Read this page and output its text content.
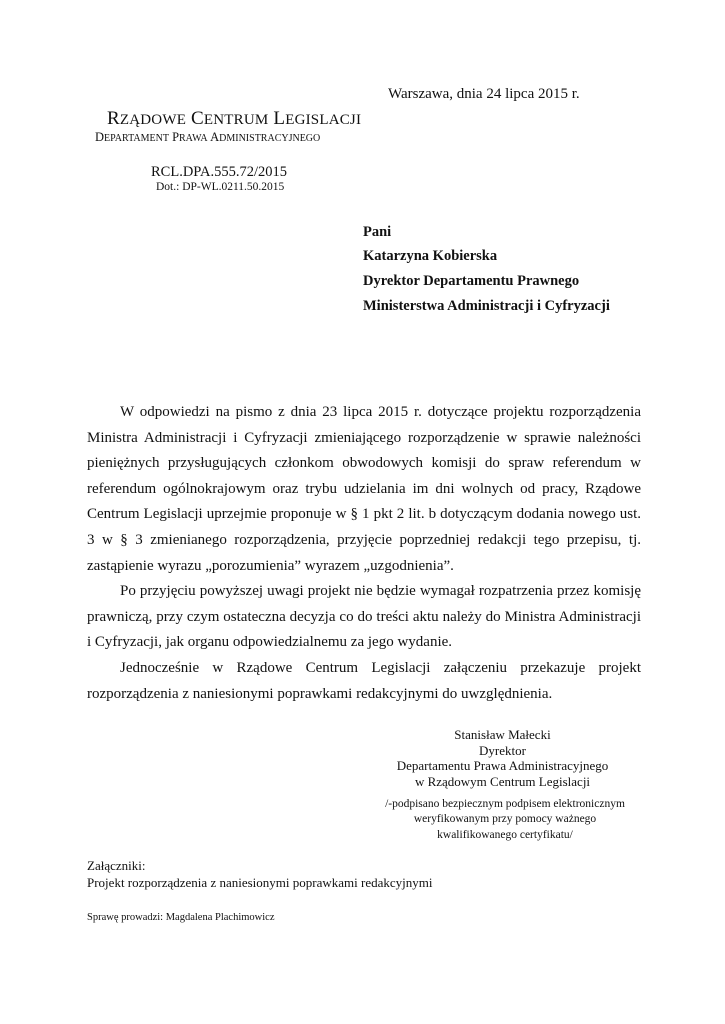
Warszawa, dnia 24 lipca 2015 r.
RZĄDOWE CENTRUM LEGISLACJI
DEPARTAMENT PRAWA ADMINISTRACYJNEGO
RCL.DPA.555.72/2015
Dot.: DP-WL.0211.50.2015
Pani
Katarzyna Kobierska
Dyrektor Departamentu Prawnego
Ministerstwa Administracji i Cyfryzacji

W odpowiedzi na pismo z dnia 23 lipca 2015 r. dotyczące projektu rozporządzenia Ministra Administracji i Cyfryzacji zmieniającego rozporządzenie w sprawie należności pieniężnych przysługujących członkom obwodowych komisji do spraw referendum w referendum ogólnokrajowym oraz trybu udzielania im dni wolnych od pracy, Rządowe Centrum Legislacji uprzejmie proponuje w § 1 pkt 2 lit. b dotyczącym dodania nowego ust. 3 w § 3 zmienianego rozporządzenia, przyjęcie poprzedniej redakcji tego przepisu, tj. zastąpienie wyrazu „porozumienia” wyrazem „uzgodnienia”.

Po przyjęciu powyższej uwagi projekt nie będzie wymagał rozpatrzenia przez komisję prawniczą, przy czym ostateczna decyzja co do treści aktu należy do Ministra Administracji i Cyfryzacji, jak organu odpowiedzialnemu za jego wydanie.

Jednocześnie w Rządowe Centrum Legislacji załączeniu przekazuje projekt rozporządzenia z naniesionymi poprawkami redakcyjnymi do uwzględnienia.

Stanisław Małecki
Dyrektor
Departamentu Prawa Administracyjnego
w Rządowym Centrum Legislacji
/-podpisano bezpiecznym podpisem elektronicznym
weryfikowanym przy pomocy ważnego
kwalifikowanego certyfikatu/
Załączniki:
Projekt rozporządzenia z naniesionymi poprawkami redakcyjnymi
Sprawę prowadzi: Magdalena Plachimowicz
